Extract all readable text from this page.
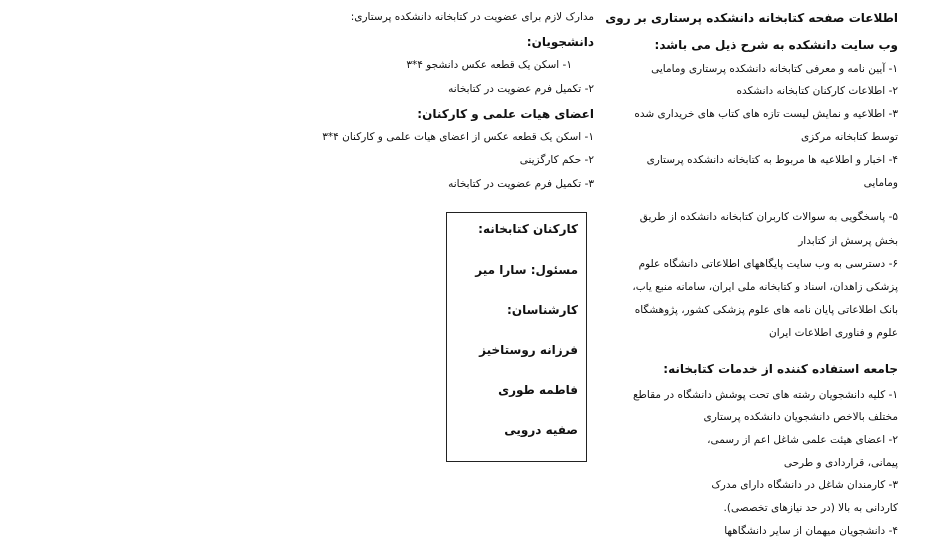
اطلاعات صفحه کتابخانه دانشکده پرستاری بر روی
وب سایت دانشکده به شرح ذیل می باشد:
۱- آیین نامه و معرفی کتابخانه دانشکده پرستاری ومامایی
۲- اطلاعات کارکنان کتابخانه دانشکده
۳- اطلاعیه و نمایش لیست تازه های کتاب های خریداری شده
توسط کتابخانه مرکزی
۴- اخبار و اطلاعیه ها مربوط به کتابخانه دانشکده پرستاری
ومامایی
۵- پاسخگویی به سوالات کاربران کتابخانه دانشکده از طریق
بخش پرسش از کتابدار
۶- دسترسی به وب سایت پایگاههای اطلاعاتی دانشگاه علوم
پزشکی زاهدان، اسناد و کتابخانه ملی ایران، سامانه منبع یاب،
بانک اطلاعاتی پایان نامه های علوم پزشکی کشور، پژوهشگاه
علوم و فناوری اطلاعات ایران
جامعه استفاده کننده از خدمات کتابخانه:
۱- کلیه دانشجویان رشته های تحت پوشش دانشگاه در مقاطع
مختلف بالاخص دانشجویان دانشکده پرستاری
۲- اعضای هیئت علمی شاغل اعم از رسمی،
پیمانی، قراردادی و طرحی
۳- کارمندان شاغل در دانشگاه دارای مدرک
کاردانی به بالا (در حد نیازهای تخصصی).
۴- دانشجویان میهمان از سایر دانشگاهها
مدارک لازم برای عضویت در کتابخانه دانشکده پرستاری:
دانشجویان:
۱- اسکن یک قطعه عکس دانشجو ۴*۳
۲- تکمیل فرم عضویت در کتابخانه
اعضای هیات علمی و کارکنان:
۱- اسکن یک قطعه عکس از اعضای هیات علمی و کارکنان ۴*۳
۲- حکم کارگزینی
۳- تکمیل فرم عضویت در کتابخانه
کارکنان کتابخانه:
مسئول: سارا میر
کارشناسان:
فرزانه روستاخیز
فاطمه طوری
صفیه درویی
